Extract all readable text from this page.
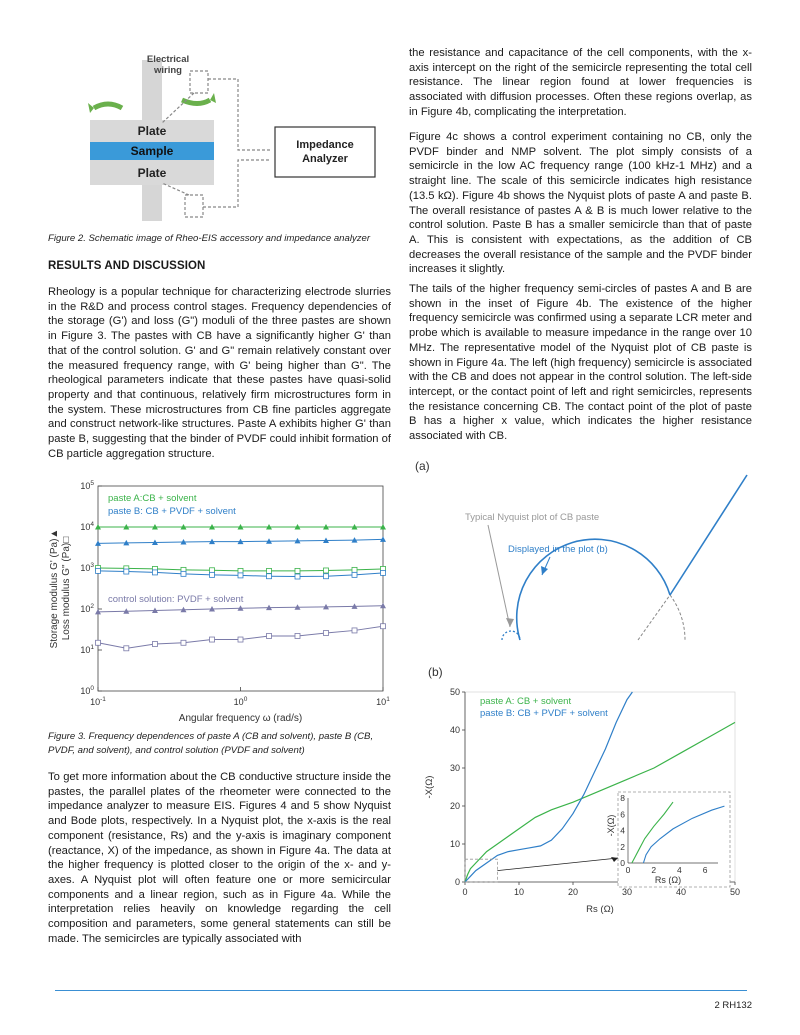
Plate
Sample
Plate
Electrical
wiring
Impedance
Analyzer

Figure 2. Schematic image of Rheo-EIS accessory and impedance analyzer

RESULTS AND DISCUSSION

Rheology is a popular technique for characterizing electrode slurries in the R&D and process control stages. Frequency dependencies of the storage (G') and loss (G") moduli of the three pastes are shown in Figure 3. The pastes with CB have a significantly higher G' than that of the control solution. G' and G" remain relatively constant over the measured frequency range, with G' being higher than G". The rheological parameters indicate that these pastes have quasi-solid property and that continuous, relatively firm microstructures form in the system. These microstructures from CB fine particles aggregate and construct network-like structures. Paste A exhibits higher G' than paste B, suggesting that the binder of PVDF could inhibit formation of CB particle aggregation structure.

$10^0$
$10^1$
$10^2$
$10^3$
$10^4$
$10^5$
$10^{-1}$	$10^0$	$10^1$
Angular frequency ω (rad/s)
Storage modulus G' (Pa)▲ Loss modulus G" (Pa)□
paste A:CB + solvent
paste B: CB + PVDF + solvent
control solution: PVDF + solvent

Figure 3. Frequency dependences of paste A (CB and solvent), paste B (CB, PVDF, and solvent), and control solution (PVDF and solvent)

To get more information about the CB conductive structure inside the pastes, the parallel plates of the rheometer were connected to the impedance analyzer to measure EIS. Figures 4 and 5 show Nyquist and Bode plots, respectively. In a Nyquist plot, the x-axis is the real component (resistance, Rs) and the y-axis is imaginary component (reactance, X) of the impedance, as shown in Figure 4a. The data at the higher frequency is plotted closer to the origin of the x- and y- axes. A Nyquist plot will often feature one or more semicircular components and a linear region, such as in Figure 4a. While the interpretation relies heavily on knowledge regarding the cell composition and parameters, some general statements can still be made. The semicircles are typically associated with

the resistance and capacitance of the cell components, with the x-axis intercept on the right of the semicircle representing the total cell resistance. The linear region found at lower frequencies is associated with diffusion processes. Often these regions overlap, as in Figure 4b, complicating the interpretation.

Figure 4c shows a control experiment containing no CB, only the PVDF binder and NMP solvent. The plot simply consists of a semicircle in the low AC frequency range (100 kHz-1 MHz) and a straight line. The scale of this semicircle indicates high resistance (13.5 kΩ). Figure 4b shows the Nyquist plots of paste A and paste B. The overall resistance of pastes A & B is much lower relative to the control solution. Paste B has a smaller semicircle than that of paste A. This is consistent with expectations, as the addition of CB decreases the overall resistance of the sample and the PVDF binder increases it slightly.

The tails of the higher frequency semi-circles of pastes A and B are shown in the inset of Figure 4b. The existence of the higher frequency semicircle was confirmed using a separate LCR meter and probe which is available to measure impedance in the range over 10 MHz. The representative model of the Nyquist plot of CB paste is shown in Figure 4a. The left (high frequency) semicircle is associated with the CB and does not appear in the control solution. The left-side intercept, or the contact point of left and right semicircles, represents the resistance concerning CB. The contact point of the plot of paste B has a higher x value, which indicates the higher resistance associated with CB.

(a)
Typical Nyquist plot of CB paste
Displayed in the plot (b)
(b)
0	10	20	30	40	50
0
10
20
30
40
50
Rs (Ω)
-X(Ω)
paste A: CB + solvent
paste B: CB + PVDF + solvent
0 2 4 6
0
2
4
6
8
Rs (Ω)
-X(Ω)
2 RH132
